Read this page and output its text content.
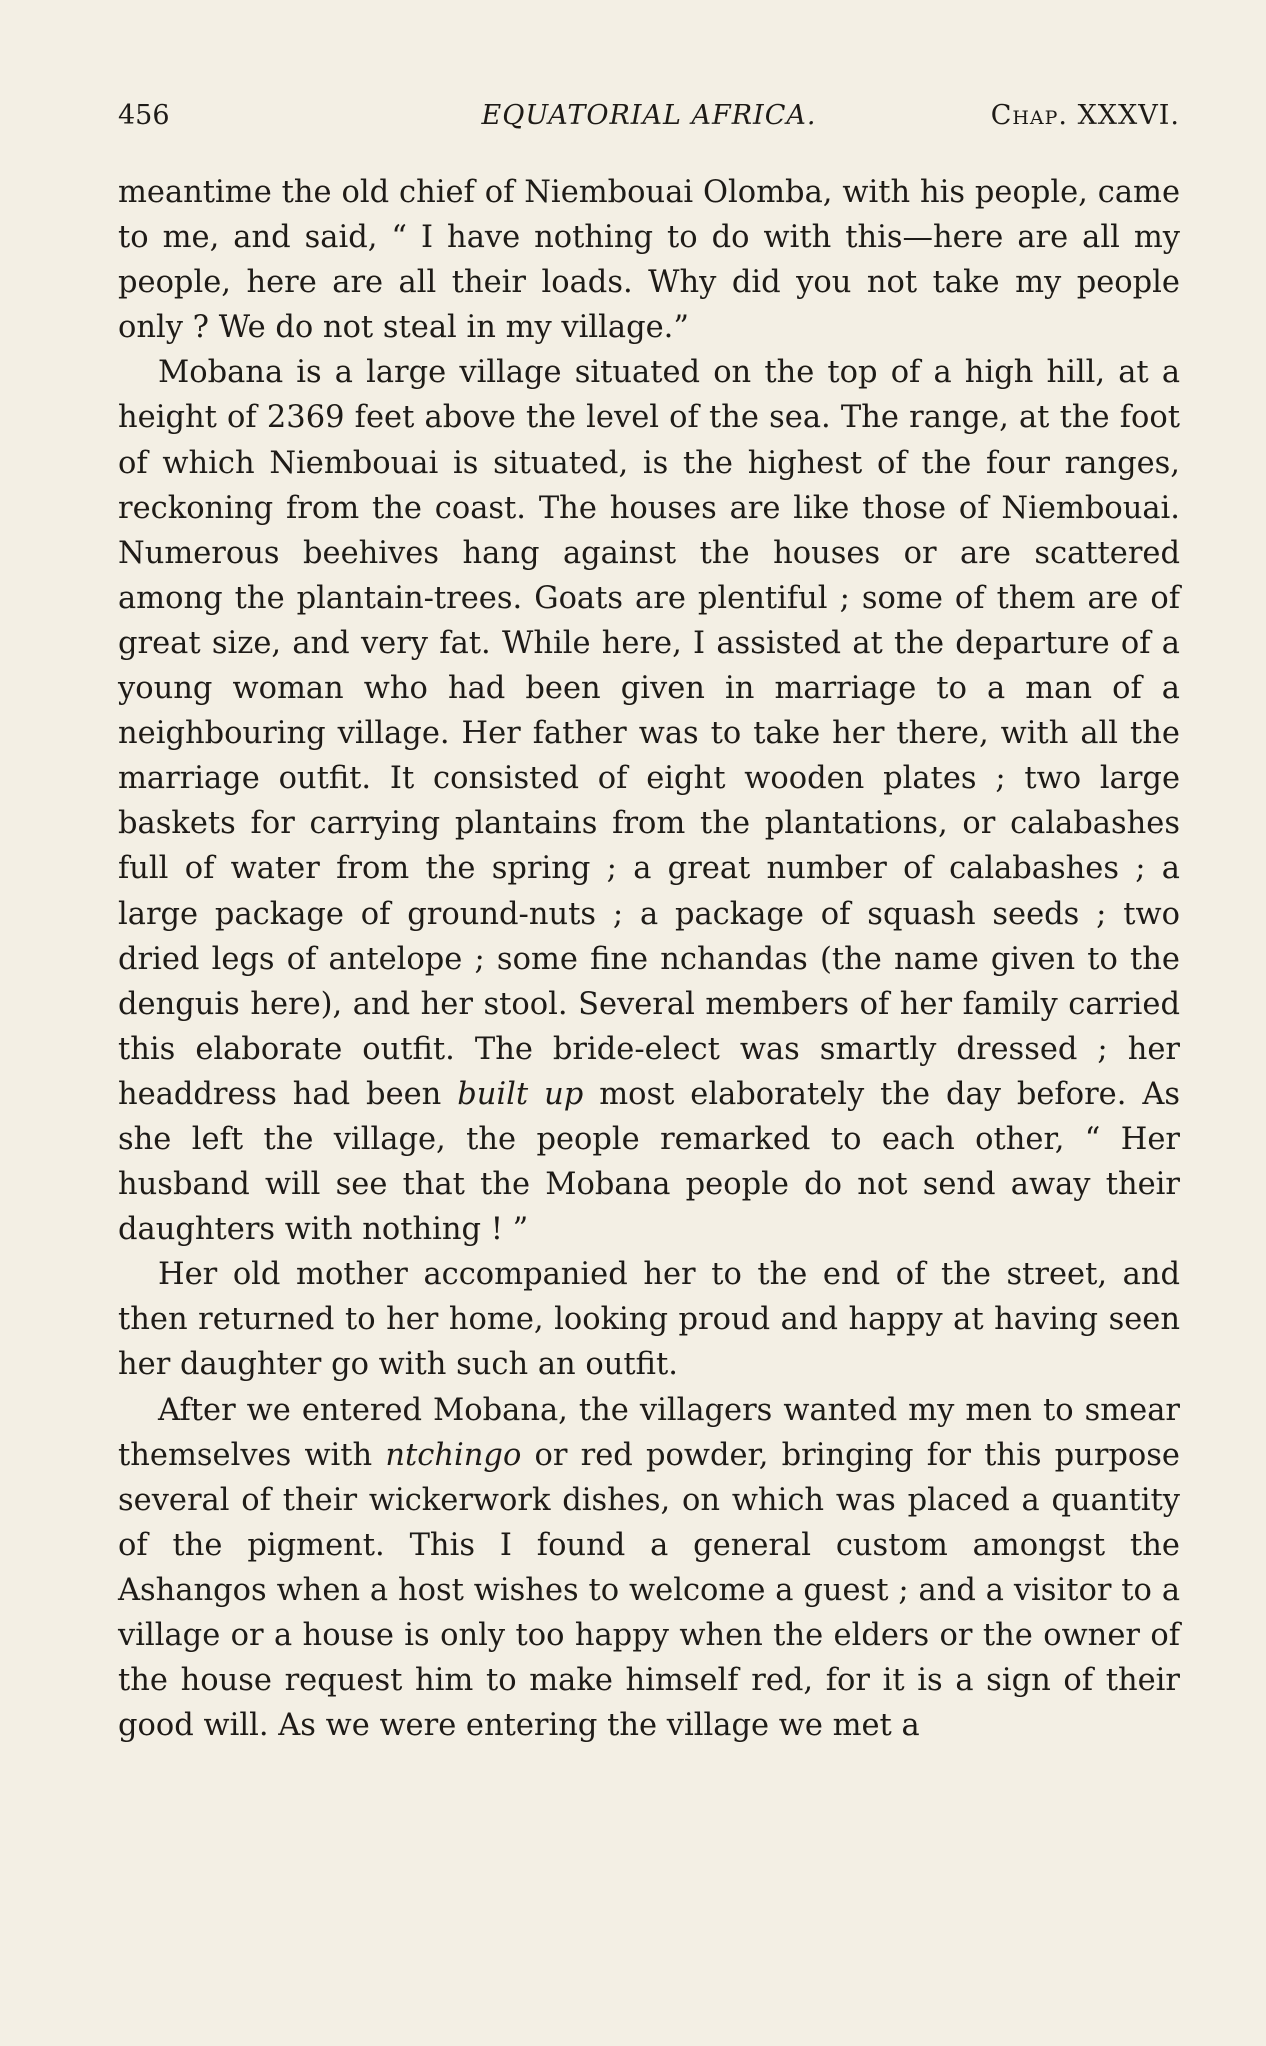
456	EQUATORIAL AFRICA.	Chap. XXXVI.

meantime the old chief of Niembouai Olomba, with his people, came to me, and said, “ I have nothing to do with this—here are all my people, here are all their loads. Why did you not take my people only ? We do not steal in my village.”

Mobana is a large village situated on the top of a high hill, at a height of 2369 feet above the level of the sea. The range, at the foot of which Niembouai is situated, is the highest of the four ranges, reckoning from the coast. The houses are like those of Niembouai. Numerous beehives hang against the houses or are scattered among the plantain-trees. Goats are plentiful ; some of them are of great size, and very fat. While here, I assisted at the departure of a young woman who had been given in marriage to a man of a neighbouring village. Her father was to take her there, with all the marriage outfit. It consisted of eight wooden plates ; two large baskets for carrying plantains from the plantations, or calabashes full of water from the spring ; a great number of calabashes ; a large package of ground-nuts ; a package of squash seeds ; two dried legs of antelope ; some fine nchandas (the name given to the denguis here), and her stool. Several members of her family carried this elaborate outfit. The bride-elect was smartly dressed ; her headdress had been built up most elaborately the day before. As she left the village, the people remarked to each other, “ Her husband will see that the Mobana people do not send away their daughters with nothing ! ”

Her old mother accompanied her to the end of the street, and then returned to her home, looking proud and happy at having seen her daughter go with such an outfit.

After we entered Mobana, the villagers wanted my men to smear themselves with ntchingo or red powder, bringing for this purpose several of their wickerwork dishes, on which was placed a quantity of the pigment. This I found a general custom amongst the Ashangos when a host wishes to welcome a guest ; and a visitor to a village or a house is only too happy when the elders or the owner of the house request him to make himself red, for it is a sign of their good will. As we were entering the village we met a
